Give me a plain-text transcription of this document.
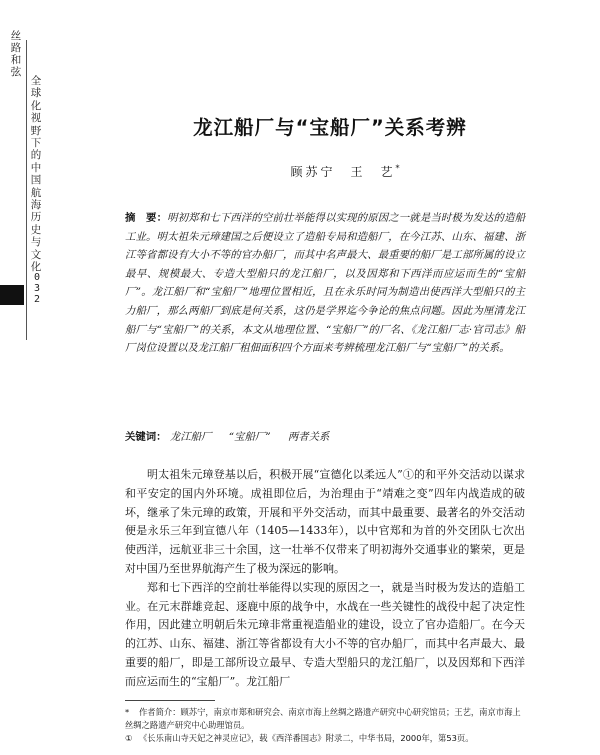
丝路和弦
全球化视野下的中国航海历史与文化
032
龙江船厂与“宝船厂”关系考辨
顾苏宁　王　艺*

摘　要：明初郑和七下西洋的空前壮举能得以实现的原因之一就是当时极为发达的造船工业。明太祖朱元璋建国之后便设立了造船专局和造船厂，在今江苏、山东、福建、浙江等省都设有大小不等的官办船厂，而其中名声最大、最重要的船厂是工部所属的设立最早、规模最大、专造大型船只的龙江船厂，以及因郑和下西洋而应运而生的“宝船厂”。龙江船厂和“宝船厂”地理位置相近，且在永乐时同为制造出使西洋大型船只的主力船厂，那么两船厂到底是何关系，这仍是学界迄今争论的焦点问题。因此为厘清龙江船厂与“宝船厂”的关系，本文从地理位置、“宝船厂”的厂名、《龙江船厂志·官司志》船厂岗位设置以及龙江船厂租佃面积四个方面来考辨梳理龙江船厂与“宝船厂”的关系。

关键词： 龙江船厂 “宝船厂” 两者关系

明太祖朱元璋登基以后，积极开展“宣德化以柔远人”①的和平外交活动以谋求和平安定的国内外环境。成祖即位后，为治理由于“靖难之变”四年内战造成的破坏，继承了朱元璋的政策，开展和平外交活动，而其中最重要、最著名的外交活动便是永乐三年到宣德八年（1405—1433年），以中官郑和为首的外交团队七次出使西洋，远航亚非三十余国，这一壮举不仅带来了明初海外交通事业的繁荣，更是对中国乃至世界航海产生了极为深远的影响。

郑和七下西洋的空前壮举能得以实现的原因之一，就是当时极为发达的造船工业。在元末群雄竞起、逐鹿中原的战争中，水战在一些关键性的战役中起了决定性作用，因此建立明朝后朱元璋非常重视造船业的建设，设立了官办造船厂。在今天的江苏、山东、福建、浙江等省都设有大小不等的官办船厂，而其中名声最大、最重要的船厂，即是工部所设立最早、专造大型船只的龙江船厂，以及因郑和下西洋而应运而生的“宝船厂”。龙江船厂

* 作者简介：顾苏宁，南京市郑和研究会、南京市海上丝绸之路遗产研究中心研究馆员；王艺，南京市海上丝绸之路遗产研究中心助理馆员。

① 《长乐南山寺天妃之神灵应记》，载《西洋番国志》附录二，中华书局，2000年，第53页。
